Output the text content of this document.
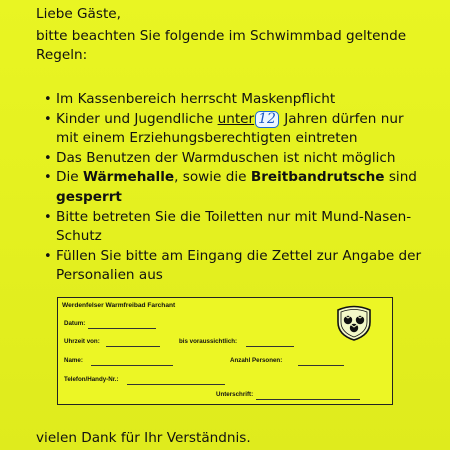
Liebe Gäste,
bitte beachten Sie folgende im Schwimmbad geltende
Regeln:
• Im Kassenbereich herrscht Maskenpflicht
• Kinder und Jugendliche unter 12 Jahren dürfen nur
mit einem Erziehungsberechtigten eintreten
• Das Benutzen der Warmduschen ist nicht möglich
• Die Wärmehalle, sowie die Breitbandrutsche sind
gesperrt
• Bitte betreten Sie die Toiletten nur mit Mund-Nasen-
Schutz
• Füllen Sie bitte am Eingang die Zettel zur Angabe der
Personalien aus
Werdenfelser Warmfreibad Farchant
Datum:
Uhrzeit von:	bis voraussichtlich:
Name:	Anzahl Personen:
Telefon/Handy-Nr.:
Unterschrift:
vielen Dank für Ihr Verständnis.
